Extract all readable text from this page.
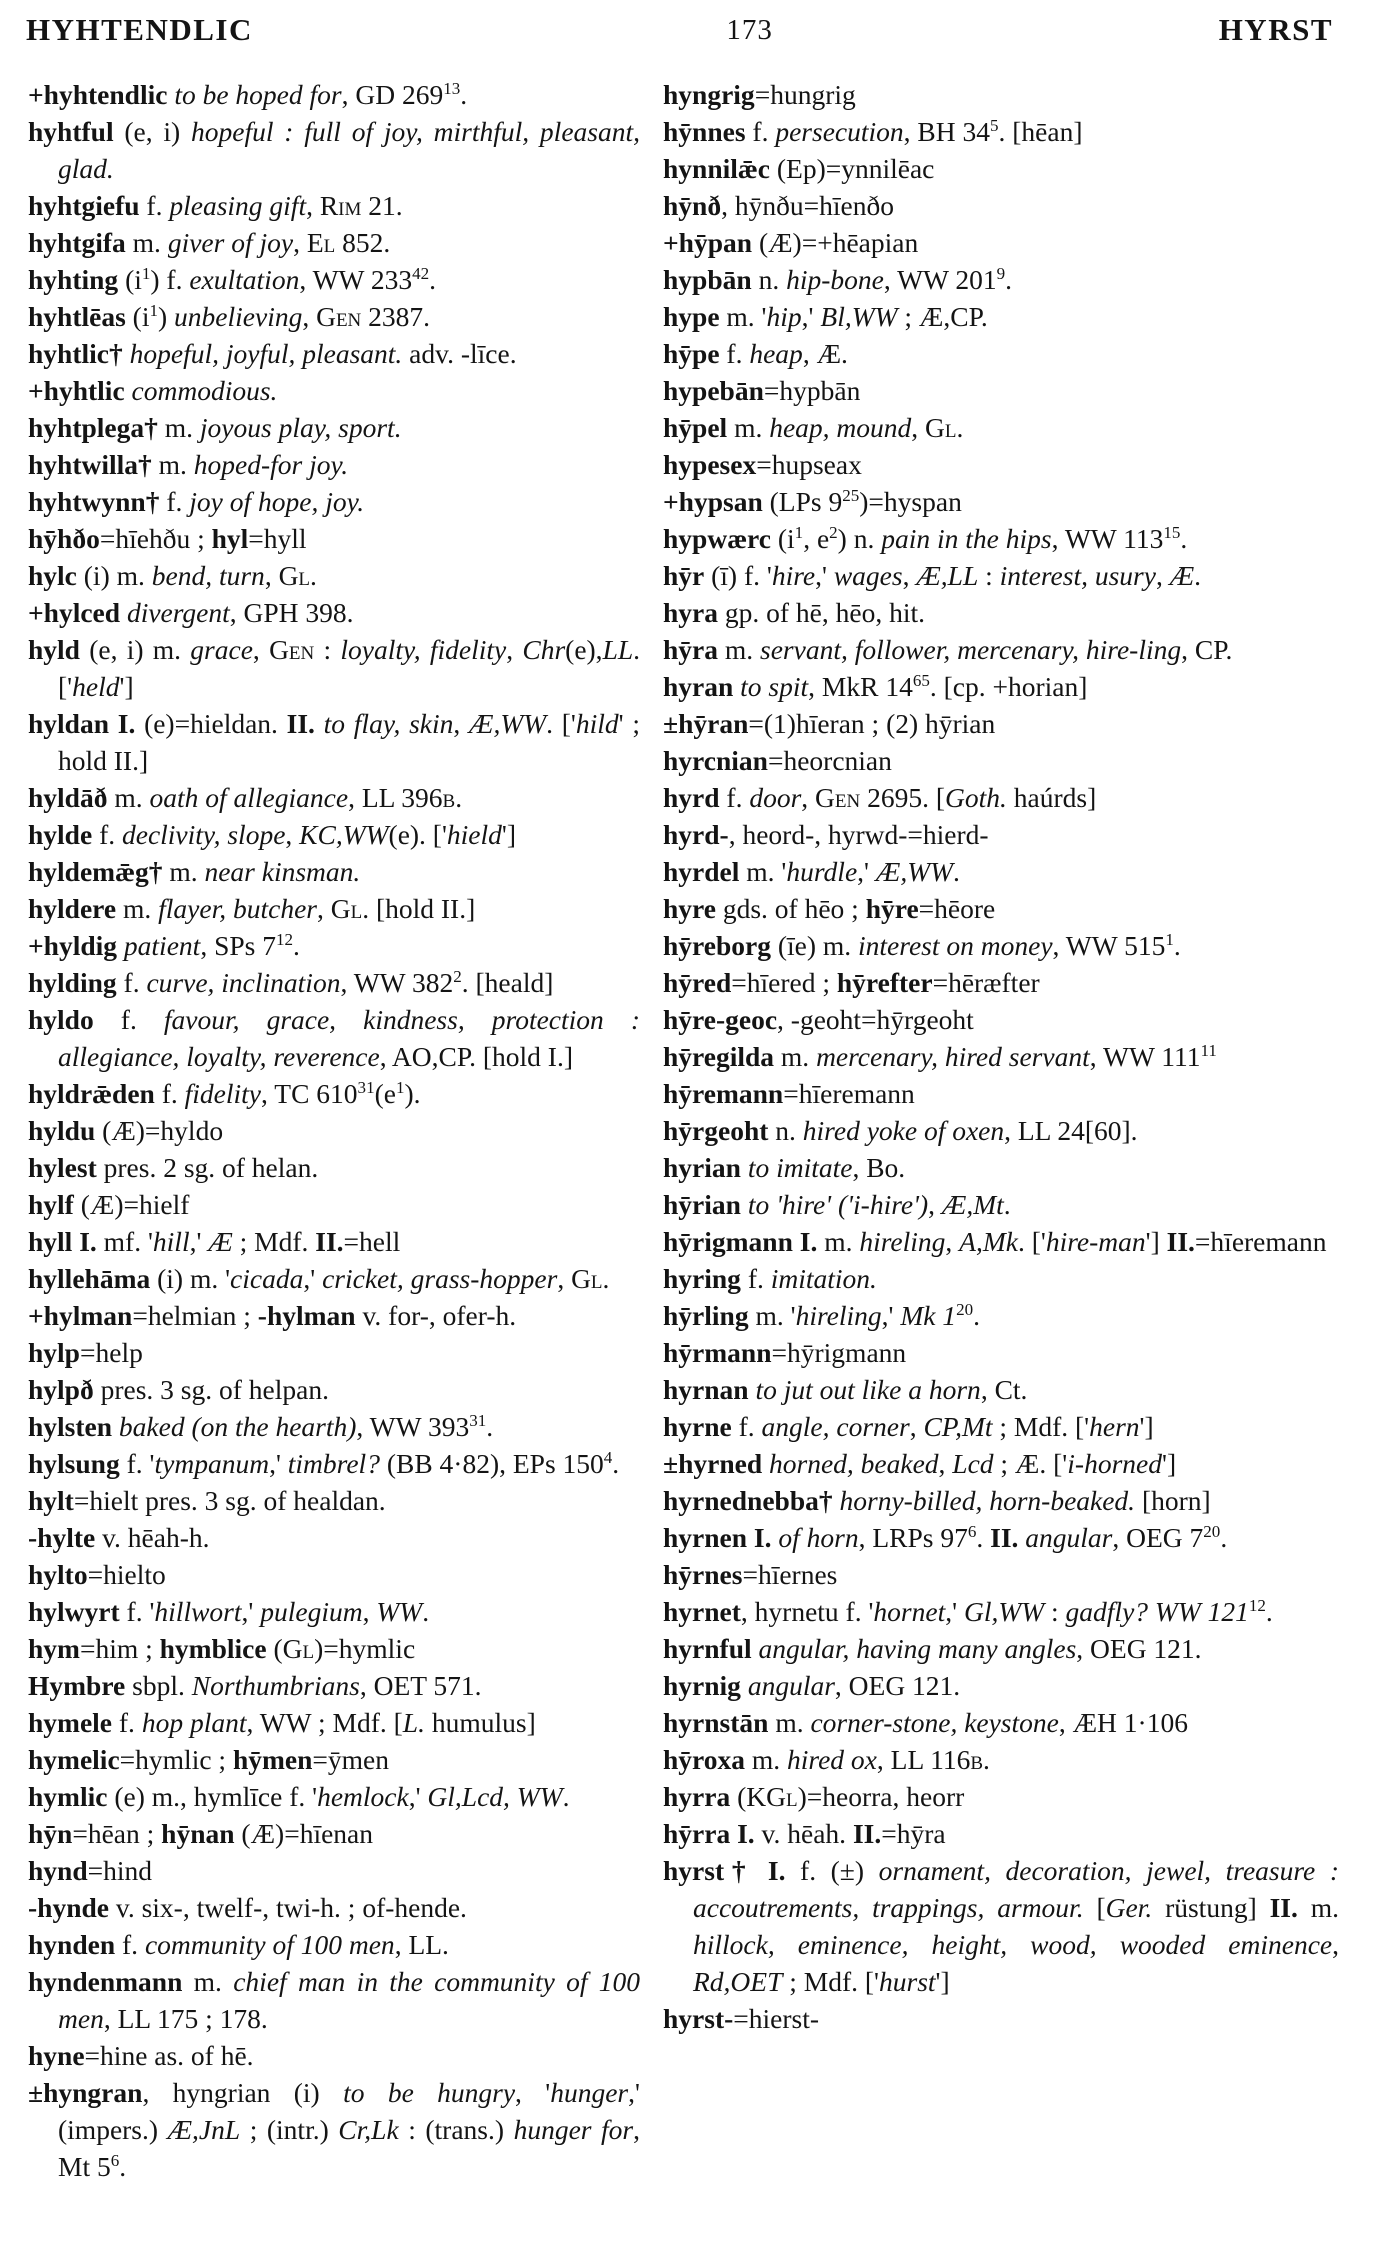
HYHTENDLIC	173	HYRST

+hyhtendlic to be hoped for, GD $269^{13}$.

hyhtful (e, i) hopeful : full of joy, mirthful, pleasant, glad.

hyhtgiefu f. pleasing gift, Rim 21.

hyhtgifa m. giver of joy, El 852.

hyhting $(i^1)$ f. exultation, WW $233^{42}$.

hyhtlēas $(i^1)$ unbelieving, Gen 2387.

hyhtlic† hopeful, joyful, pleasant. adv. -līce.

+hyhtlic commodious.

hyhtplega† m. joyous play, sport.

hyhtwilla† m. hoped-for joy.

hyhtwynn† f. joy of hope, joy.

hȳhðo=hīehðu ; hyl=hyll

hylc (i) m. bend, turn, Gl.

+hylced divergent, GPH 398.

hyld (e, i) m. grace, Gen : loyalty, fidelity, Chr(e),LL. ['held']

hyldan I. (e)=hieldan. II. to flay, skin, Æ,WW. ['hild' ; hold II.]

hyldāð m. oath of allegiance, LL 396b.

hylde f. declivity, slope, KC,WW(e). ['hield']

hyldemǣg† m. near kinsman.

hyldere m. flayer, butcher, Gl. [hold II.]

+hyldig patient, SPs $7^{12}$.

hylding f. curve, inclination, WW $382^2$. [heald]

hyldo f. favour, grace, kindness, protection : allegiance, loyalty, reverence, AO,CP. [hold I.]

hyldrǣden f. fidelity, TC $610^{31}(e^1)$.

hyldu (Æ)=hyldo

hylest pres. 2 sg. of helan.

hylf (Æ)=hielf

hyll I. mf. 'hill,' Æ ; Mdf. II.=hell

hyllehāma (i) m. 'cicada,' cricket, grass-hopper, Gl.

+hylman=helmian ; -hylman v. for-, ofer-h.

hylp=help

hylpð pres. 3 sg. of helpan.

hylsten baked (on the hearth), WW $393^{31}$.

hylsung f. 'tympanum,' timbrel? (BB 4·82), EPs $150^4$.

hylt=hielt pres. 3 sg. of healdan.

-hylte v. hēah-h.

hylto=hielto

hylwyrt f. 'hillwort,' pulegium, WW.

hym=him ; hymblice (Gl)=hymlic

Hymbre sbpl. Northumbrians, OET 571.

hymele f. hop plant, WW ; Mdf. [L. humulus]

hymelic=hymlic ; hȳmen=ȳmen

hymlic (e) m., hymlīce f. 'hemlock,' Gl,Lcd, WW.

hȳn=hēan ; hȳnan (Æ)=hīenan

hynd=hind

-hynde v. six-, twelf-, twi-h. ; of-hende.

hynden f. community of 100 men, LL.

hyndenmann m. chief man in the community of 100 men, LL 175 ; 178.

hyne=hine as. of hē.

±hyngran, hyngrian (i) to be hungry, 'hunger,' (impers.) Æ,JnL ; (intr.) Cr,Lk : (trans.) hunger for, Mt $5^6$.

hyngrig=hungrig

hȳnnes f. persecution, BH $34^5$. [hēan]

hynnilǣc (Ep)=ynnilēac

hȳnð, hȳnðu=hīenðo

+hȳpan (Æ)=+hēapian

hypbān n. hip-bone, WW $201^9$.

hype m. 'hip,' Bl,WW ; Æ,CP.

hȳpe f. heap, Æ.

hypebān=hypbān

hȳpel m. heap, mound, Gl.

hypesex=hupseax

+hypsan (LPs $9^{25})=hyspan$

hypwærc ($i^1$, $e^2$) n. pain in the hips, WW $113^{15}$.

hȳr (ī) f. 'hire,' wages, Æ,LL : interest, usury, Æ.

hyra gp. of hē, hēo, hit.

hȳra m. servant, follower, mercenary, hire-ling, CP.

hyran to spit, MkR $14^{65}$. [cp. +horian]

±hȳran=(1)hīeran ; (2) hȳrian

hyrcnian=heorcnian

hyrd f. door, Gen 2695. [Goth. haúrds]

hyrd-, heord-, hyrwd-=hierd-

hyrdel m. 'hurdle,' Æ,WW.

hyre gds. of hēo ; hȳre=hēore

hȳreborg (īe) m. interest on money, WW $515^1$.

hȳred=hīered ; hȳrefter=hēræfter

hȳre-geoc, -geoht=hȳrgeoht

hȳregilda m. mercenary, hired servant, WW $111^{11}$

hȳremann=hīeremann

hȳrgeoht n. hired yoke of oxen, LL 24[60].

hyrian to imitate, Bo.

hȳrian to 'hire' ('i-hire'), Æ,Mt.

hȳrigmann I. m. hireling, A,Mk. ['hire-man'] II.=hīeremann

hyring f. imitation.

hȳrling m. 'hireling,' Mk $1^{20}$.

hȳrmann=hȳrigmann

hyrnan to jut out like a horn, Ct.

hyrne f. angle, corner, CP,Mt ; Mdf. ['hern']

±hyrned horned, beaked, Lcd ; Æ. ['i-horned']

hyrnednebba† horny-billed, horn-beaked. [horn]

hyrnen I. of horn, LRPs $97^6$. II. angular, OEG $7^{20}$.

hȳrnes=hīernes

hyrnet, hyrnetu f. 'hornet,' Gl,WW : gadfly? WW $121^{12}$.

hyrnful angular, having many angles, OEG 121.

hyrnig angular, OEG 121.

hyrnstān m. corner-stone, keystone, ÆH 1·106

hȳroxa m. hired ox, LL 116b.

hyrra (KGl)=heorra, heorr

hȳrra I. v. hēah. II.=hȳra

hyrst† I. f. (±) ornament, decoration, jewel, treasure : accoutrements, trappings, armour. [Ger. rüstung] II. m. hillock, eminence, height, wood, wooded eminence, Rd,OET ; Mdf. ['hurst']

hyrst-=hierst-
